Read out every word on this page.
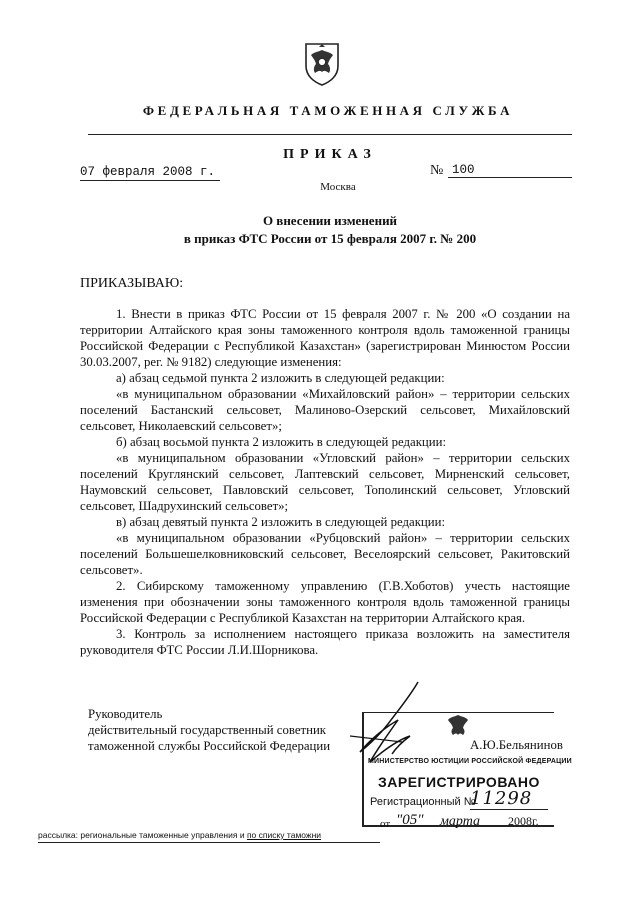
ФЕДЕРАЛЬНАЯ ТАМОЖЕННАЯ СЛУЖБА
ПРИКАЗ
07 февраля 2008 г.	№ 100
Москва
О внесении изменений
в приказ ФТС России от 15 февраля 2007 г. № 200
ПРИКАЗЫВАЮ:

1. Внести в приказ ФТС России от 15 февраля 2007 г. № 200 «О создании на территории Алтайского края зоны таможенного контроля вдоль таможенной границы Российской Федерации с Республикой Казахстан» (зарегистрирован Минюстом России 30.03.2007, рег. № 9182) следующие изменения:

а) абзац седьмой пункта 2 изложить в следующей редакции:

«в муниципальном образовании «Михайловский район» – территории сельских поселений Бастанский сельсовет, Малиново-Озерский сельсовет, Михайловский сельсовет, Николаевский сельсовет»;

б) абзац восьмой пункта 2 изложить в следующей редакции:

«в муниципальном образовании «Угловский район» – территории сельских поселений Круглянский сельсовет, Лаптевский сельсовет, Мирненский сельсовет, Наумовский сельсовет, Павловский сельсовет, Тополинский сельсовет, Угловский сельсовет, Шадрухинский сельсовет»;

в) абзац девятый пункта 2 изложить в следующей редакции:

«в муниципальном образовании «Рубцовский район» – территории сельских поселений Большешелковниковский сельсовет, Веселоярский сельсовет, Ракитовский сельсовет».

2. Сибирскому таможенному управлению (Г.В.Хоботов) учесть настоящие изменения при обозначении зоны таможенного контроля вдоль таможенной границы Российской Федерации с Республикой Казахстан на территории Алтайского края.

3. Контроль за исполнением настоящего приказа возложить на заместителя руководителя ФТС России Л.И.Шорникова.

Руководитель
действительный государственный советник
таможенной службы Российской Федерации	А.Ю.Бельянинов
МИНИСТЕРСТВО ЮСТИЦИИ РОССИЙСКОЙ ФЕДЕРАЦИИ
ЗАРЕГИСТРИРОВАНО
Регистрационный №
11298
от "05" марта 2008г.
рассылка: региональные таможенные управления и по списку таможни
